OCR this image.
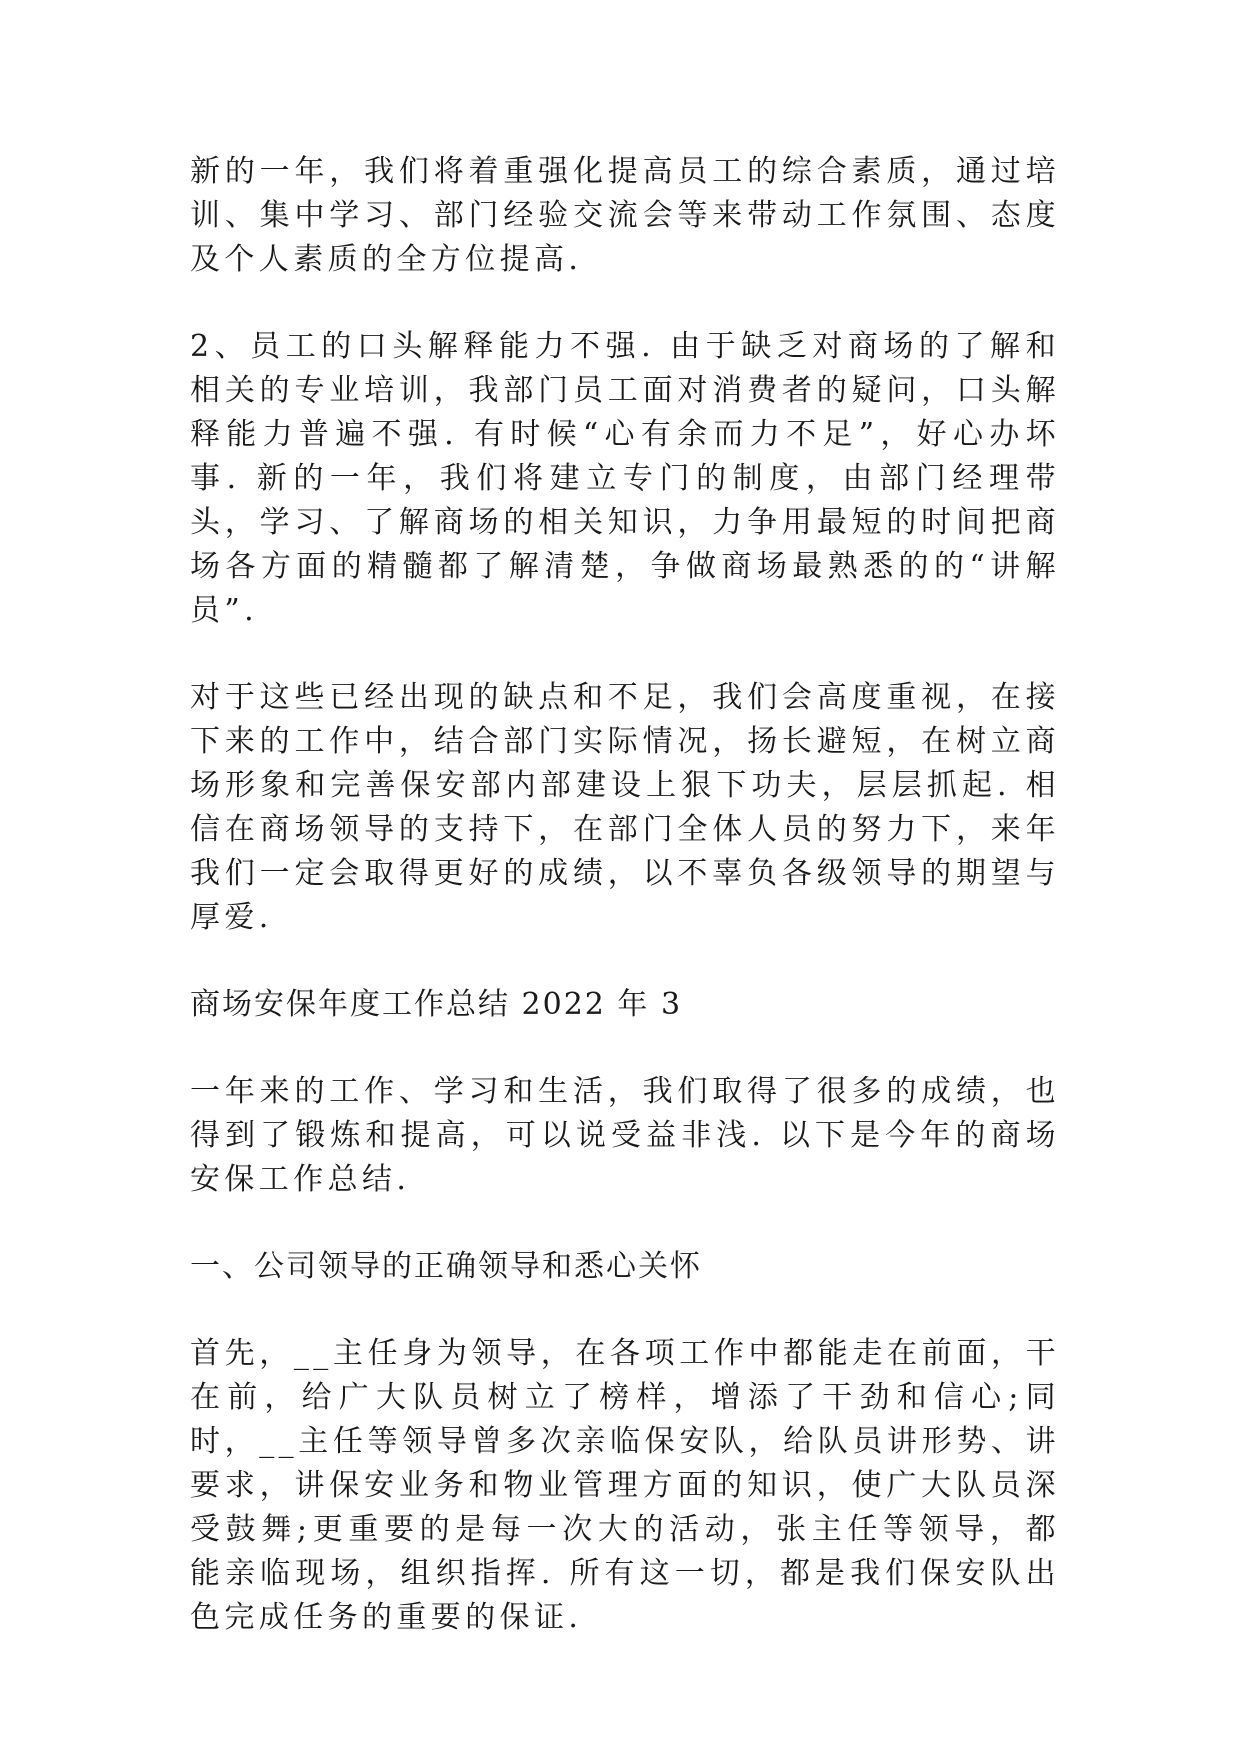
新的一年，我们将着重强化提高员工的综合素质，通过培训、集中学习、部门经验交流会等来带动工作氛围、态度及个人素质的全方位提高.

2、员工的口头解释能力不强. 由于缺乏对商场的了解和相关的专业培训，我部门员工面对消费者的疑问，口头解释能力普遍不强. 有时候“心有余而力不足”，好心办坏事. 新的一年，我们将建立专门的制度，由部门经理带头，学习、了解商场的相关知识，力争用最短的时间把商场各方面的精髓都了解清楚，争做商场最熟悉的的“讲解员”.

对于这些已经出现的缺点和不足，我们会高度重视，在接下来的工作中，结合部门实际情况，扬长避短，在树立商场形象和完善保安部内部建设上狠下功夫，层层抓起. 相信在商场领导的支持下，在部门全体人员的努力下，来年我们一定会取得更好的成绩，以不辜负各级领导的期望与厚爱.

商场安保年度工作总结 2022 年 3

一年来的工作、学习和生活，我们取得了很多的成绩，也得到了锻炼和提高，可以说受益非浅. 以下是今年的商场安保工作总结.

一、公司领导的正确领导和悉心关怀

首先，__主任身为领导，在各项工作中都能走在前面，干在前，给广大队员树立了榜样，增添了干劲和信心;同时，__主任等领导曾多次亲临保安队，给队员讲形势、讲要求，讲保安业务和物业管理方面的知识，使广大队员深受鼓舞;更重要的是每一次大的活动，张主任等领导，都能亲临现场，组织指挥. 所有这一切，都是我们保安队出色完成任务的重要的保证.
